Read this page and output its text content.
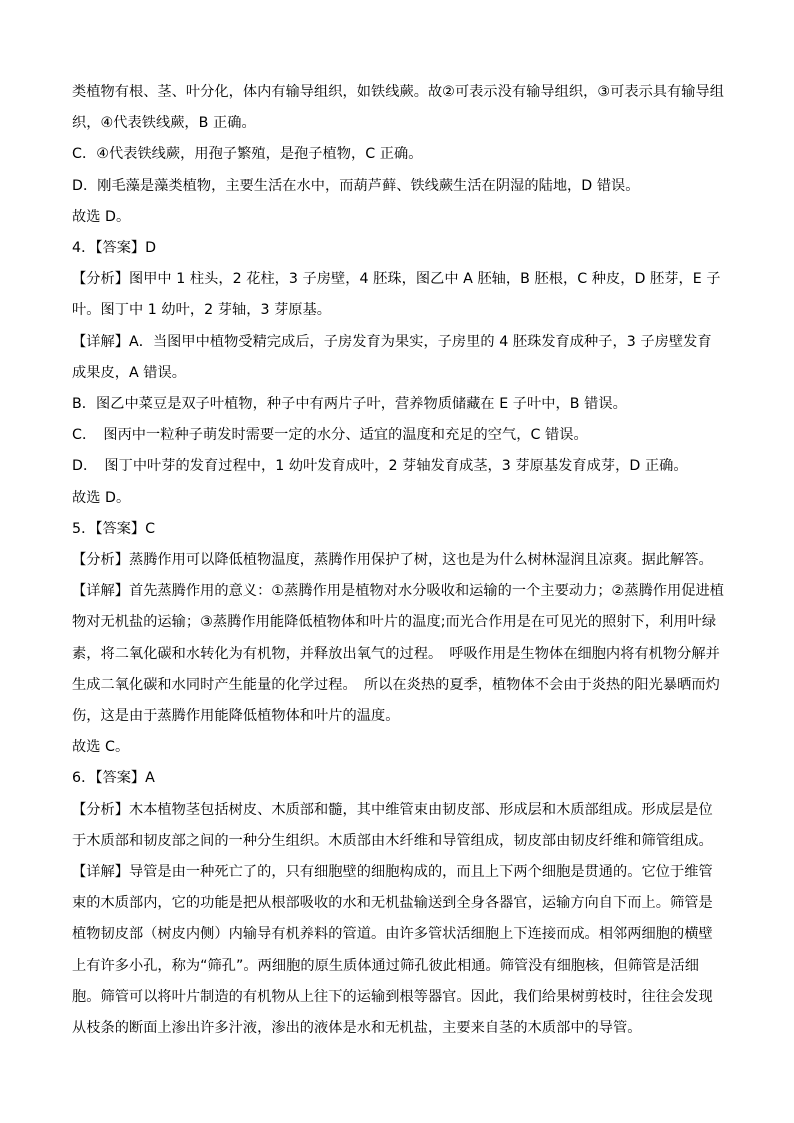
类植物有根、茎、叶分化，体内有输导组织，如铁线蕨。故②可表示没有输导组织，③可表示具有输导组织，④代表铁线蕨，B 正确。

C．④代表铁线蕨，用孢子繁殖，是孢子植物，C 正确。

D．刚毛藻是藻类植物，主要生活在水中，而葫芦藓、铁线蕨生活在阴湿的陆地，D 错误。

故选 D。

4．【答案】D

【分析】图甲中 1 柱头，2 花柱，3 子房壁，4 胚珠，图乙中 A 胚轴，B 胚根，C 种皮，D 胚芽，E 子叶。图丁中 1 幼叶，2 芽轴，3 芽原基。

【详解】A．当图甲中植物受精完成后，子房发育为果实，子房里的 4 胚珠发育成种子，3 子房壁发育成果皮，A 错误。

B．图乙中菜豆是双子叶植物，种子中有两片子叶，营养物质储藏在 E 子叶中，B 错误。

C．　图丙中一粒种子萌发时需要一定的水分、适宜的温度和充足的空气，C 错误。

D．　图丁中叶芽的发育过程中，1 幼叶发育成叶，2 芽轴发育成茎，3 芽原基发育成芽，D 正确。

故选 D。

5．【答案】C

【分析】蒸腾作用可以降低植物温度，蒸腾作用保护了树，这也是为什么树林湿润且凉爽。据此解答。

【详解】首先蒸腾作用的意义：①蒸腾作用是植物对水分吸收和运输的一个主要动力；②蒸腾作用促进植物对无机盐的运输；③蒸腾作用能降低植物体和叶片的温度;而光合作用是在可见光的照射下，利用叶绿素，将二氧化碳和水转化为有机物，并释放出氧气的过程。　呼吸作用是生物体在细胞内将有机物分解并生成二氧化碳和水同时产生能量的化学过程。　所以在炎热的夏季，植物体不会由于炎热的阳光暴晒而灼伤，这是由于蒸腾作用能降低植物体和叶片的温度。

故选 C。

6．【答案】A

【分析】木本植物茎包括树皮、木质部和髓，其中维管束由韧皮部、形成层和木质部组成。形成层是位于木质部和韧皮部之间的一种分生组织。木质部由木纤维和导管组成，韧皮部由韧皮纤维和筛管组成。

【详解】导管是由一种死亡了的，只有细胞壁的细胞构成的，而且上下两个细胞是贯通的。它位于维管束的木质部内，它的功能是把从根部吸收的水和无机盐输送到全身各器官，运输方向自下而上。筛管是植物韧皮部（树皮内侧）内输导有机养料的管道。由许多管状活细胞上下连接而成。相邻两细胞的横壁上有许多小孔，称为“筛孔”。两细胞的原生质体通过筛孔彼此相通。筛管没有细胞核，但筛管是活细胞。筛管可以将叶片制造的有机物从上往下的运输到根等器官。因此，我们给果树剪枝时，往往会发现从枝条的断面上渗出许多汁液，渗出的液体是水和无机盐，主要来自茎的木质部中的导管。
